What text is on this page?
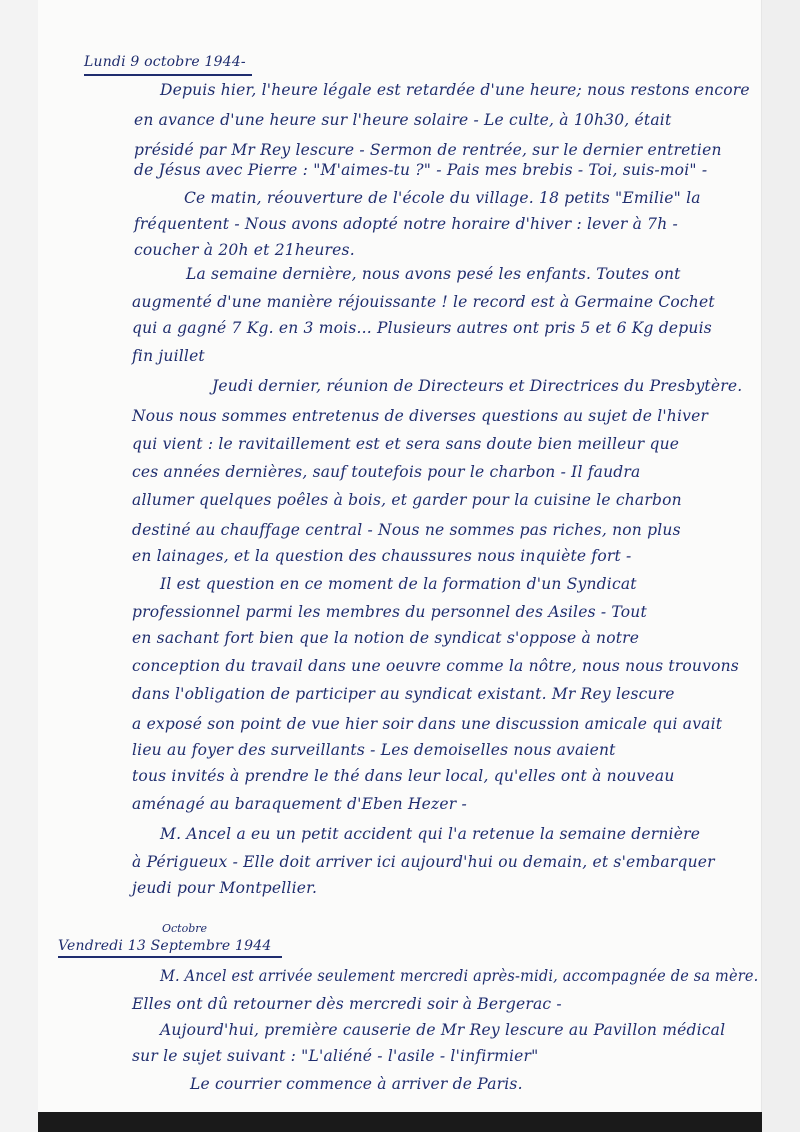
Lundi 9 octobre 1944-
Depuis hier, l'heure légale est retardée d'une heure; nous restons encore
en avance d'une heure sur l'heure solaire - Le culte, à 10h30, était
présidé par Mr Rey lescure - Sermon de rentrée, sur le dernier entretien
de Jésus avec Pierre : "M'aimes-tu ?" - Pais mes brebis - Toi, suis-moi" -
Ce matin, réouverture de l'école du village. 18 petits "Emilie" la
fréquentent - Nous avons adopté notre horaire d'hiver : lever à 7h -
coucher à 20h et 21heures.
La semaine dernière, nous avons pesé les enfants. Toutes ont
augmenté d'une manière réjouissante ! le record est à Germaine Cochet
qui a gagné 7 Kg. en 3 mois... Plusieurs autres ont pris 5 et 6 Kg depuis
fin juillet
Jeudi dernier, réunion de Directeurs et Directrices du Presbytère.
Nous nous sommes entretenus de diverses questions au sujet de l'hiver
qui vient : le ravitaillement est et sera sans doute bien meilleur que
ces années dernières, sauf toutefois pour le charbon - Il faudra
allumer quelques poêles à bois, et garder pour la cuisine le charbon
destiné au chauffage central - Nous ne sommes pas riches, non plus
en lainages, et la question des chaussures nous inquiète fort -
Il est question en ce moment de la formation d'un Syndicat
professionnel parmi les membres du personnel des Asiles - Tout
en sachant fort bien que la notion de syndicat s'oppose à notre
conception du travail dans une oeuvre comme la nôtre, nous nous trouvons
dans l'obligation de participer au syndicat existant. Mr Rey lescure
a exposé son point de vue hier soir dans une discussion amicale qui avait
lieu au foyer des surveillants - Les demoiselles nous avaient
tous invités à prendre le thé dans leur local, qu'elles ont à nouveau
aménagé au baraquement d'Eben Hezer -
M. Ancel a eu un petit accident qui l'a retenue la semaine dernière
à Périgueux - Elle doit arriver ici aujourd'hui ou demain, et s'embarquer
jeudi pour Montpellier.
Octobre
Vendredi 13 Septembre 1944
M. Ancel est arrivée seulement mercredi après-midi, accompagnée de sa mère.
Elles ont dû retourner dès mercredi soir à Bergerac -
Aujourd'hui, première causerie de Mr Rey lescure au Pavillon médical
sur le sujet suivant : "L'aliéné - l'asile - l'infirmier"
Le courrier commence à arriver de Paris.
